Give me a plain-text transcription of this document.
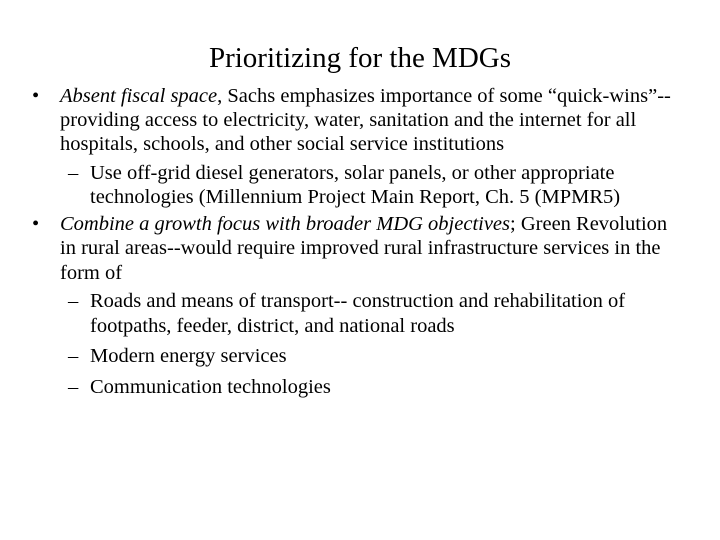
Prioritizing for the MDGs
•	Absent fiscal space, Sachs emphasizes importance of some “quick-wins”-- providing access to electricity, water, sanitation and the internet for all hospitals, schools, and other social service institutions
– Use off-grid diesel generators, solar panels, or other appropriate technologies (Millennium Project Main Report, Ch. 5 (MPMR5)
•	Combine a growth focus with broader MDG objectives; Green Revolution in rural areas--would require improved rural infrastructure services in the form of
– Roads and means of transport-- construction and rehabilitation of footpaths, feeder, district, and national roads
– Modern energy services
– Communication technologies
